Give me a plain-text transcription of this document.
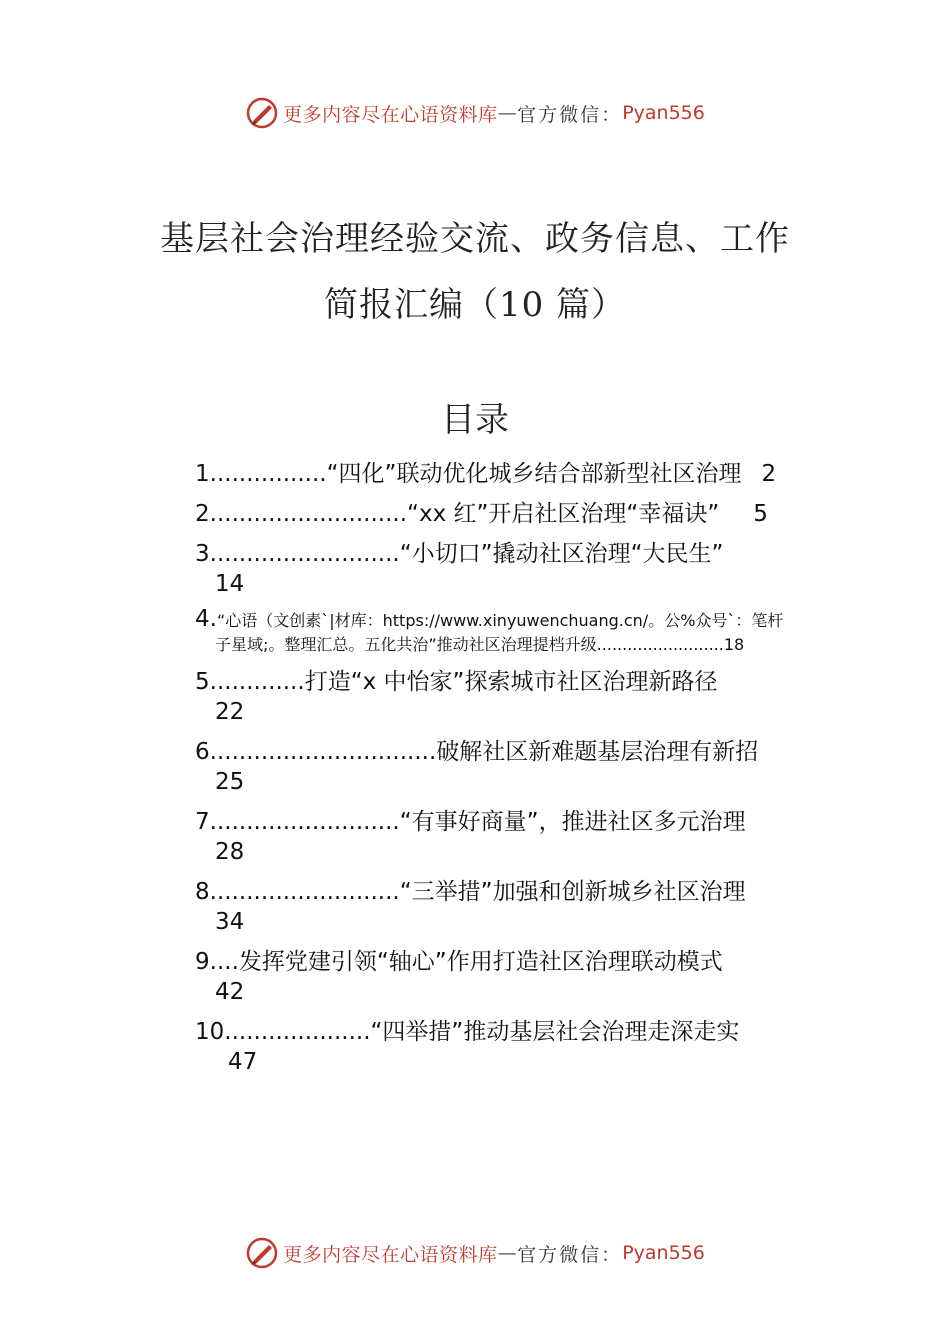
更多内容尽在心语资料库 — 官方微信： Pyan556
基层社会治理经验交流、政务信息、工作
简报汇编（10 篇）
目录
1 ................ “四化”联动优化城乡结合部新型社区治理 2
2 ........................... “xx 红”开启社区治理“幸福诀” 5
3 .......................... “小切口”撬动社区治理“大民生”
14
4.“心语（文创素`|材库：https://www.xinyuwenchuang.cn/。公%众号`：笔杆
子星域;。整理汇总。五化共治”推动社区治理提档升级.........................18
5 ............. 打造“x 中怡家”探索城市社区治理新路径
22
6 ............................... 破解社区新难题基层治理有新招
25
7 .......................... “有事好商量”，推进社区多元治理
28
8 .......................... “三举措”加强和创新城乡社区治理
34
9 .... 发挥党建引领“轴心”作用打造社区治理联动模式
42
10 .................... “四举措”推动基层社会治理走深走实
47
更多内容尽在心语资料库 — 官方微信： Pyan556
